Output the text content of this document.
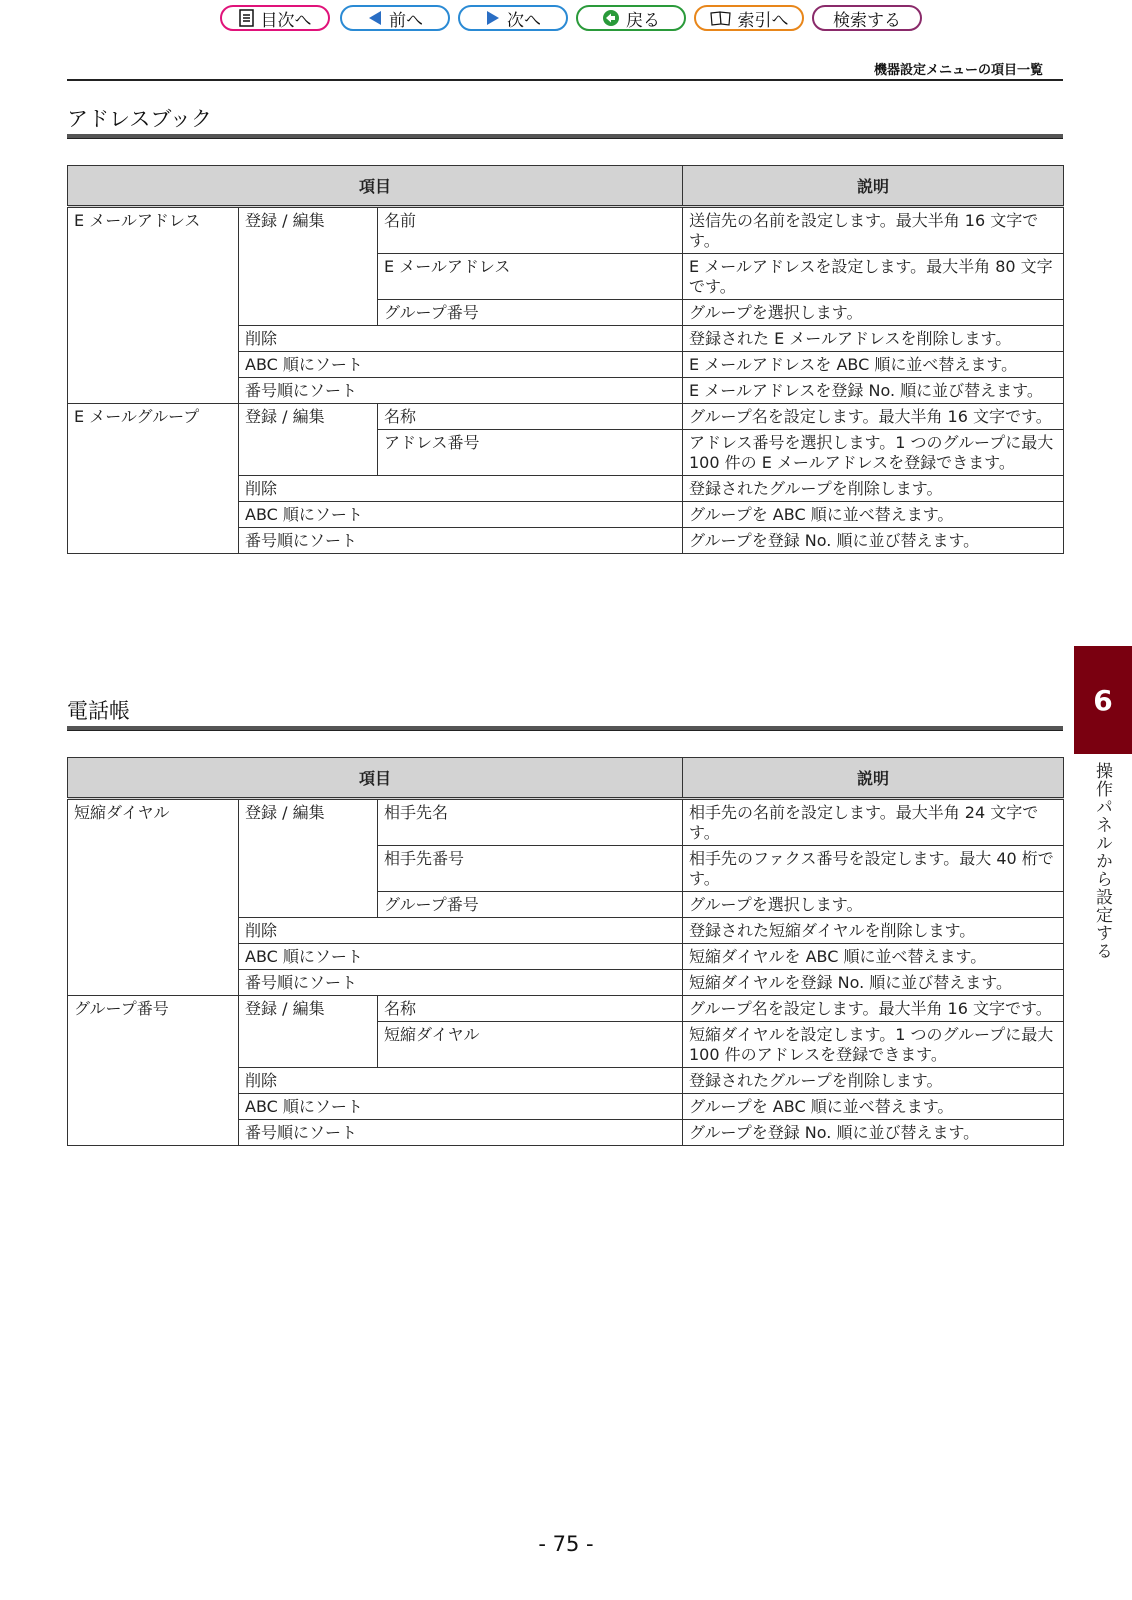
目次へ	前へ	次へ	戻る	索引へ	検索する
機器設定メニューの項目一覧
アドレスブック
項目			説明
E メールアドレス	登録 / 編集	名前	送信先の名前を設定します。最大半角 16 文字です。
		E メールアドレス	E メールアドレスを設定します。最大半角 80 文字です。
		グループ番号	グループを選択します。
	削除		登録された E メールアドレスを削除します。
	ABC 順にソート		E メールアドレスを ABC 順に並べ替えます。
	番号順にソート		E メールアドレスを登録 No. 順に並び替えます。
E メールグループ	登録 / 編集	名称	グループ名を設定します。最大半角 16 文字です。
		アドレス番号	アドレス番号を選択します。1 つのグループに最大 100 件の E メールアドレスを登録できます。
	削除		登録されたグループを削除します。
	ABC 順にソート		グループを ABC 順に並べ替えます。
	番号順にソート		グループを登録 No. 順に並び替えます。
電話帳
項目			説明
短縮ダイヤル	登録 / 編集	相手先名	相手先の名前を設定します。最大半角 24 文字です。
		相手先番号	相手先のファクス番号を設定します。最大 40 桁です。
		グループ番号	グループを選択します。
	削除		登録された短縮ダイヤルを削除します。
	ABC 順にソート		短縮ダイヤルを ABC 順に並べ替えます。
	番号順にソート		短縮ダイヤルを登録 No. 順に並び替えます。
グループ番号	登録 / 編集	名称	グループ名を設定します。最大半角 16 文字です。
		短縮ダイヤル	短縮ダイヤルを設定します。1 つのグループに最大 100 件のアドレスを登録できます。
	削除		登録されたグループを削除します。
	ABC 順にソート		グループを ABC 順に並べ替えます。
	番号順にソート		グループを登録 No. 順に並び替えます。
6
操作パネルから設定する
- 75 -
